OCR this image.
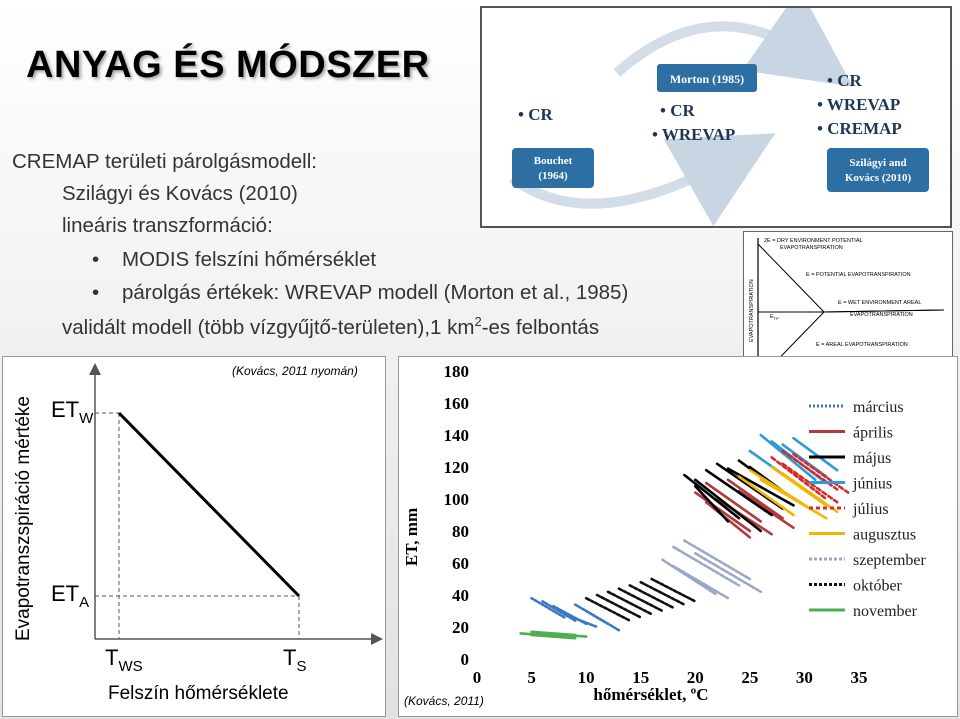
ANYAG ÉS MÓDSZER
CREMAP területi párolgásmodell:
Szilágyi és Kovács (2010)
lineáris transzformáció:
• MODIS felszíni hőmérséklet
• párolgás értékek: WREVAP modell (Morton et al., 1985)
validált modell (több vízgyűjtő-területen),1 $km^2-es$ felbontás
Bouchet
(1964)
• CR
Morton (1985)
• CR
• WREVAP
Szilágyi and
Kovács (2010)
• CR
• WREVAP
• CREMAP
2E = DRY ENVIRONMENT POTENTIAL
EVAPOTRANSPIRATION
E = POTENTIAL EVAPOTRANSPIRATION
E = WET ENVIRONMENT AREAL
EVAPOTRANSPIRATION
E = AREAL EVAPOTRANSPIRATION
$E_{TP}$
EVAPOTRANSPIRATION
$ET_W$
$ET_A$
$T_{WS}$	$T_S$
Felszín hőmérséklete
Evapotranszspiráció mértéke
(Kovács, 2011 nyomán)
0
20
40
60
80
100
120
140
160
180
0	5 10 15 20 25 30 35
március
április
május
június
július
augusztus
szeptember
október
november
ET, mm
hőmérséklet, ºC
(Kovács, 2011)
